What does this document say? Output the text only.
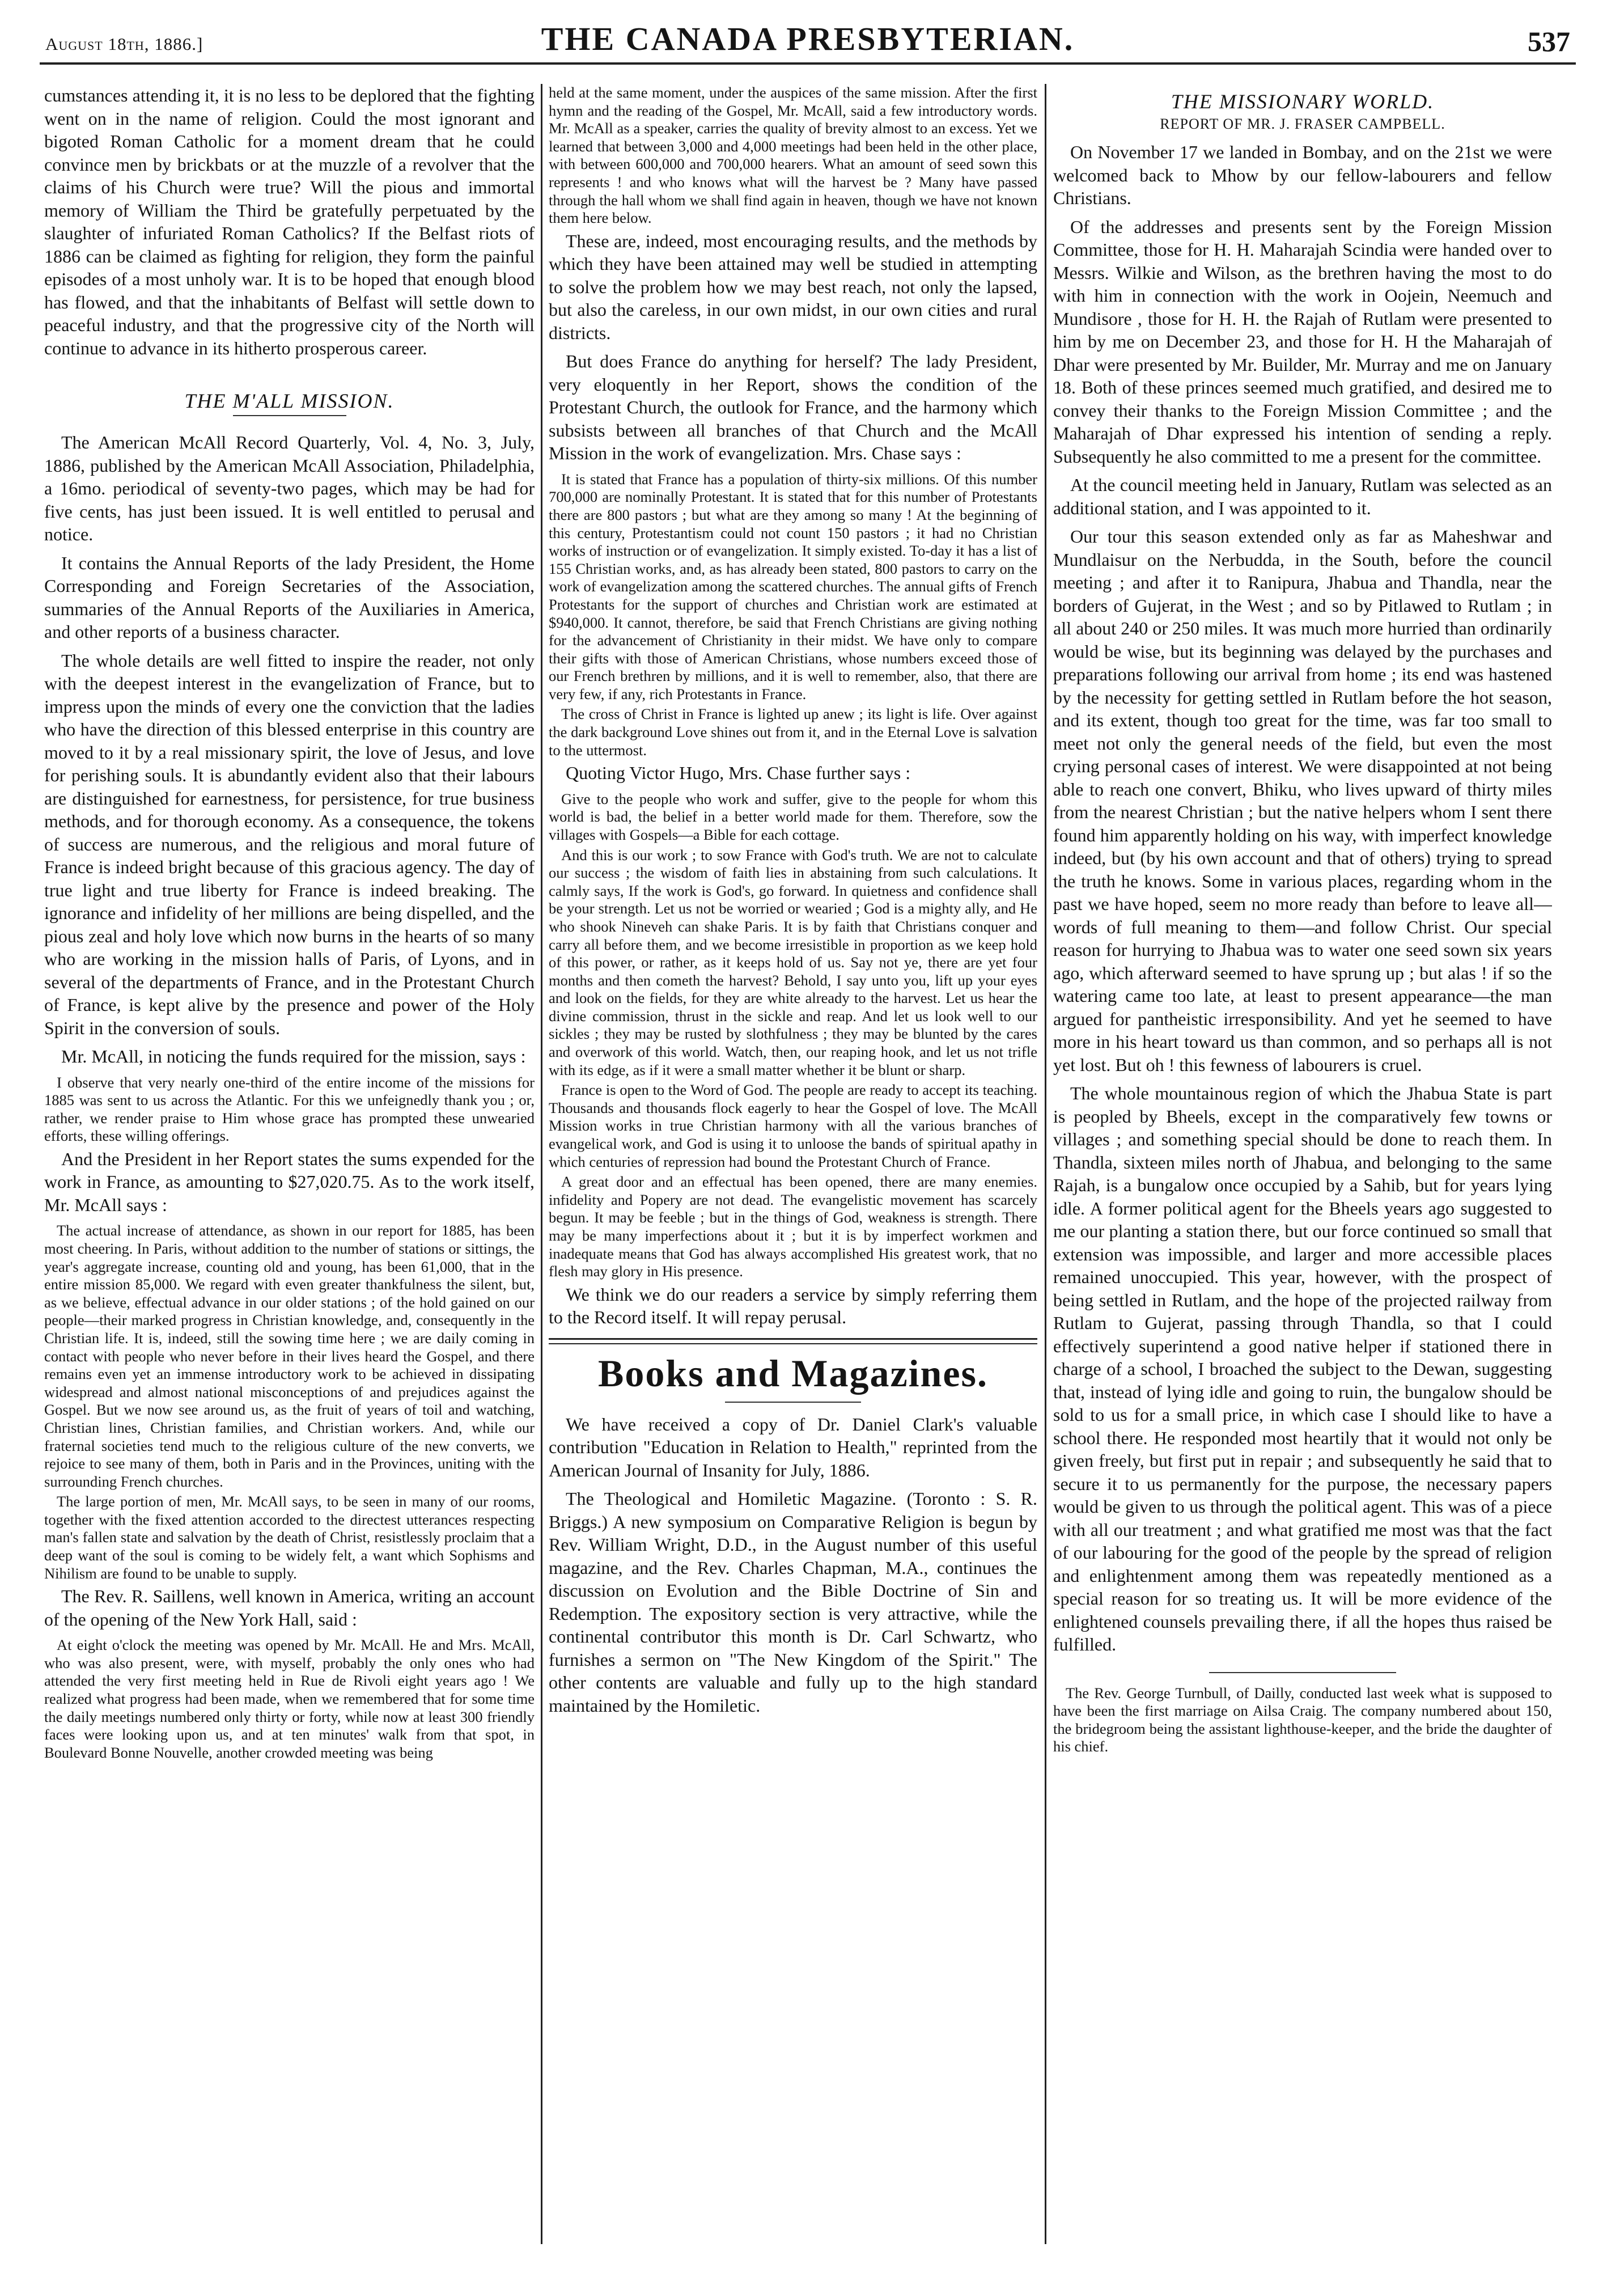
August 18th, 1886.]	THE CANADA PRESBYTERIAN.	537

cumstances attending it, it is no less to be deplored that the fighting went on in the name of religion. Could the most ignorant and bigoted Roman Catholic for a moment dream that he could convince men by brickbats or at the muzzle of a revolver that the claims of his Church were true? Will the pious and immortal memory of William the Third be gratefully perpetuated by the slaughter of infuriated Roman Catholics? If the Belfast riots of 1886 can be claimed as fighting for religion, they form the painful episodes of a most unholy war. It is to be hoped that enough blood has flowed, and that the inhabitants of Belfast will settle down to peaceful industry, and that the progressive city of the North will continue to advance in its hitherto prosperous career.

THE M'ALL MISSION.

The American McAll Record Quarterly, Vol. 4, No. 3, July, 1886, published by the American McAll Association, Philadelphia, a 16mo. periodical of seventy-two pages, which may be had for five cents, has just been issued. It is well entitled to perusal and notice.

It contains the Annual Reports of the lady President, the Home Corresponding and Foreign Secretaries of the Association, summaries of the Annual Reports of the Auxiliaries in America, and other reports of a business character.

The whole details are well fitted to inspire the reader, not only with the deepest interest in the evangelization of France, but to impress upon the minds of every one the conviction that the ladies who have the direction of this blessed enterprise in this country are moved to it by a real missionary spirit, the love of Jesus, and love for perishing souls. It is abundantly evident also that their labours are distinguished for earnestness, for persistence, for true business methods, and for thorough economy. As a consequence, the tokens of success are numerous, and the religious and moral future of France is indeed bright because of this gracious agency. The day of true light and true liberty for France is indeed breaking. The ignorance and infidelity of her millions are being dispelled, and the pious zeal and holy love which now burns in the hearts of so many who are working in the mission halls of Paris, of Lyons, and in several of the departments of France, and in the Protestant Church of France, is kept alive by the presence and power of the Holy Spirit in the conversion of souls.

Mr. McAll, in noticing the funds required for the mission, says :

I observe that very nearly one-third of the entire income of the missions for 1885 was sent to us across the Atlantic. For this we unfeignedly thank you ; or, rather, we render praise to Him whose grace has prompted these unwearied efforts, these willing offerings.

And the President in her Report states the sums expended for the work in France, as amounting to $27,020.75. As to the work itself, Mr. McAll says :

The actual increase of attendance, as shown in our report for 1885, has been most cheering. In Paris, without addition to the number of stations or sittings, the year's aggregate increase, counting old and young, has been 61,000, that in the entire mission 85,000. We regard with even greater thankfulness the silent, but, as we believe, effectual advance in our older stations ; of the hold gained on our people—their marked progress in Christian knowledge, and, consequently in the Christian life. It is, indeed, still the sowing time here ; we are daily coming in contact with people who never before in their lives heard the Gospel, and there remains even yet an immense introductory work to be achieved in dissipating widespread and almost national misconceptions of and prejudices against the Gospel. But we now see around us, as the fruit of years of toil and watching, Christian lines, Christian families, and Christian workers. And, while our fraternal societies tend much to the religious culture of the new converts, we rejoice to see many of them, both in Paris and in the Provinces, uniting with the surrounding French churches.

The large portion of men, Mr. McAll says, to be seen in many of our rooms, together with the fixed attention accorded to the directest utterances respecting man's fallen state and salvation by the death of Christ, resistlessly proclaim that a deep want of the soul is coming to be widely felt, a want which Sophisms and Nihilism are found to be unable to supply.

The Rev. R. Saillens, well known in America, writing an account of the opening of the New York Hall, said :

At eight o'clock the meeting was opened by Mr. McAll. He and Mrs. McAll, who was also present, were, with myself, probably the only ones who had attended the very first meeting held in Rue de Rivoli eight years ago ! We realized what progress had been made, when we remembered that for some time the daily meetings numbered only thirty or forty, while now at least 300 friendly faces were looking upon us, and at ten minutes' walk from that spot, in Boulevard Bonne Nouvelle, another crowded meeting was being

held at the same moment, under the auspices of the same mission. After the first hymn and the reading of the Gospel, Mr. McAll, said a few introductory words. Mr. McAll as a speaker, carries the quality of brevity almost to an excess. Yet we learned that between 3,000 and 4,000 meetings had been held in the other place, with between 600,000 and 700,000 hearers. What an amount of seed sown this represents ! and who knows what will the harvest be ? Many have passed through the hall whom we shall find again in heaven, though we have not known them here below.

These are, indeed, most encouraging results, and the methods by which they have been attained may well be studied in attempting to solve the problem how we may best reach, not only the lapsed, but also the careless, in our own midst, in our own cities and rural districts.

But does France do anything for herself? The lady President, very eloquently in her Report, shows the condition of the Protestant Church, the outlook for France, and the harmony which subsists between all branches of that Church and the McAll Mission in the work of evangelization. Mrs. Chase says :

It is stated that France has a population of thirty-six millions. Of this number 700,000 are nominally Protestant. It is stated that for this number of Protestants there are 800 pastors ; but what are they among so many ! At the beginning of this century, Protestantism could not count 150 pastors ; it had no Christian works of instruction or of evangelization. It simply existed. To-day it has a list of 155 Christian works, and, as has already been stated, 800 pastors to carry on the work of evangelization among the scattered churches. The annual gifts of French Protestants for the support of churches and Christian work are estimated at $940,000. It cannot, therefore, be said that French Christians are giving nothing for the advancement of Christianity in their midst. We have only to compare their gifts with those of American Christians, whose numbers exceed those of our French brethren by millions, and it is well to remember, also, that there are very few, if any, rich Protestants in France.

The cross of Christ in France is lighted up anew ; its light is life. Over against the dark background Love shines out from it, and in the Eternal Love is salvation to the uttermost.

Quoting Victor Hugo, Mrs. Chase further says :

Give to the people who work and suffer, give to the people for whom this world is bad, the belief in a better world made for them. Therefore, sow the villages with Gospels—a Bible for each cottage.

And this is our work ; to sow France with God's truth. We are not to calculate our success ; the wisdom of faith lies in abstaining from such calculations. It calmly says, If the work is God's, go forward. In quietness and confidence shall be your strength. Let us not be worried or wearied ; God is a mighty ally, and He who shook Nineveh can shake Paris. It is by faith that Christians conquer and carry all before them, and we become irresistible in proportion as we keep hold of this power, or rather, as it keeps hold of us. Say not ye, there are yet four months and then cometh the harvest? Behold, I say unto you, lift up your eyes and look on the fields, for they are white already to the harvest. Let us hear the divine commission, thrust in the sickle and reap. And let us look well to our sickles ; they may be rusted by slothfulness ; they may be blunted by the cares and overwork of this world. Watch, then, our reaping hook, and let us not trifle with its edge, as if it were a small matter whether it be blunt or sharp.

France is open to the Word of God. The people are ready to accept its teaching. Thousands and thousands flock eagerly to hear the Gospel of love. The McAll Mission works in true Christian harmony with all the various branches of evangelical work, and God is using it to unloose the bands of spiritual apathy in which centuries of repression had bound the Protestant Church of France.

A great door and an effectual has been opened, there are many enemies. infidelity and Popery are not dead. The evangelistic movement has scarcely begun. It may be feeble ; but in the things of God, weakness is strength. There may be many imperfections about it ; but it is by imperfect workmen and inadequate means that God has always accomplished His greatest work, that no flesh may glory in His presence.

We think we do our readers a service by simply referring them to the Record itself. It will repay perusal.

Books and Magazines.

We have received a copy of Dr. Daniel Clark's valuable contribution "Education in Relation to Health," reprinted from the American Journal of Insanity for July, 1886.

The Theological and Homiletic Magazine. (Toronto : S. R. Briggs.) A new symposium on Comparative Religion is begun by Rev. William Wright, D.D., in the August number of this useful magazine, and the Rev. Charles Chapman, M.A., continues the discussion on Evolution and the Bible Doctrine of Sin and Redemption. The expository section is very attractive, while the continental contributor this month is Dr. Carl Schwartz, who furnishes a sermon on "The New Kingdom of the Spirit." The other contents are valuable and fully up to the high standard maintained by the Homiletic.

THE MISSIONARY WORLD.
REPORT OF MR. J. FRASER CAMPBELL.

On November 17 we landed in Bombay, and on the 21st we were welcomed back to Mhow by our fellow-labourers and fellow Christians.

Of the addresses and presents sent by the Foreign Mission Committee, those for H. H. Maharajah Scindia were handed over to Messrs. Wilkie and Wilson, as the brethren having the most to do with him in connection with the work in Oojein, Neemuch and Mundisore , those for H. H. the Rajah of Rutlam were presented to him by me on December 23, and those for H. H the Maharajah of Dhar were presented by Mr. Builder, Mr. Murray and me on January 18. Both of these princes seemed much gratified, and desired me to convey their thanks to the Foreign Mission Committee ; and the Maharajah of Dhar expressed his intention of sending a reply. Subsequently he also committed to me a present for the committee.

At the council meeting held in January, Rutlam was selected as an additional station, and I was appointed to it.

Our tour this season extended only as far as Maheshwar and Mundlaisur on the Nerbudda, in the South, before the council meeting ; and after it to Ranipura, Jhabua and Thandla, near the borders of Gujerat, in the West ; and so by Pitlawed to Rutlam ; in all about 240 or 250 miles. It was much more hurried than ordinarily would be wise, but its beginning was delayed by the purchases and preparations following our arrival from home ; its end was hastened by the necessity for getting settled in Rutlam before the hot season, and its extent, though too great for the time, was far too small to meet not only the general needs of the field, but even the most crying personal cases of interest. We were disappointed at not being able to reach one convert, Bhiku, who lives upward of thirty miles from the nearest Christian ; but the native helpers whom I sent there found him apparently holding on his way, with imperfect knowledge indeed, but (by his own account and that of others) trying to spread the truth he knows. Some in various places, regarding whom in the past we have hoped, seem no more ready than before to leave all—words of full meaning to them—and follow Christ. Our special reason for hurrying to Jhabua was to water one seed sown six years ago, which afterward seemed to have sprung up ; but alas ! if so the watering came too late, at least to present appearance—the man argued for pantheistic irresponsibility. And yet he seemed to have more in his heart toward us than common, and so perhaps all is not yet lost. But oh ! this fewness of labourers is cruel.

The whole mountainous region of which the Jhabua State is part is peopled by Bheels, except in the comparatively few towns or villages ; and something special should be done to reach them. In Thandla, sixteen miles north of Jhabua, and belonging to the same Rajah, is a bungalow once occupied by a Sahib, but for years lying idle. A former political agent for the Bheels years ago suggested to me our planting a station there, but our force continued so small that extension was impossible, and larger and more accessible places remained unoccupied. This year, however, with the prospect of being settled in Rutlam, and the hope of the projected railway from Rutlam to Gujerat, passing through Thandla, so that I could effectively superintend a good native helper if stationed there in charge of a school, I broached the subject to the Dewan, suggesting that, instead of lying idle and going to ruin, the bungalow should be sold to us for a small price, in which case I should like to have a school there. He responded most heartily that it would not only be given freely, but first put in repair ; and subsequently he said that to secure it to us permanently for the purpose, the necessary papers would be given to us through the political agent. This was of a piece with all our treatment ; and what gratified me most was that the fact of our labouring for the good of the people by the spread of religion and enlightenment among them was repeatedly mentioned as a special reason for so treating us. It will be more evidence of the enlightened counsels prevailing there, if all the hopes thus raised be fulfilled.

The Rev. George Turnbull, of Dailly, conducted last week what is supposed to have been the first marriage on Ailsa Craig. The company numbered about 150, the bridegroom being the assistant lighthouse-keeper, and the bride the daughter of his chief.
